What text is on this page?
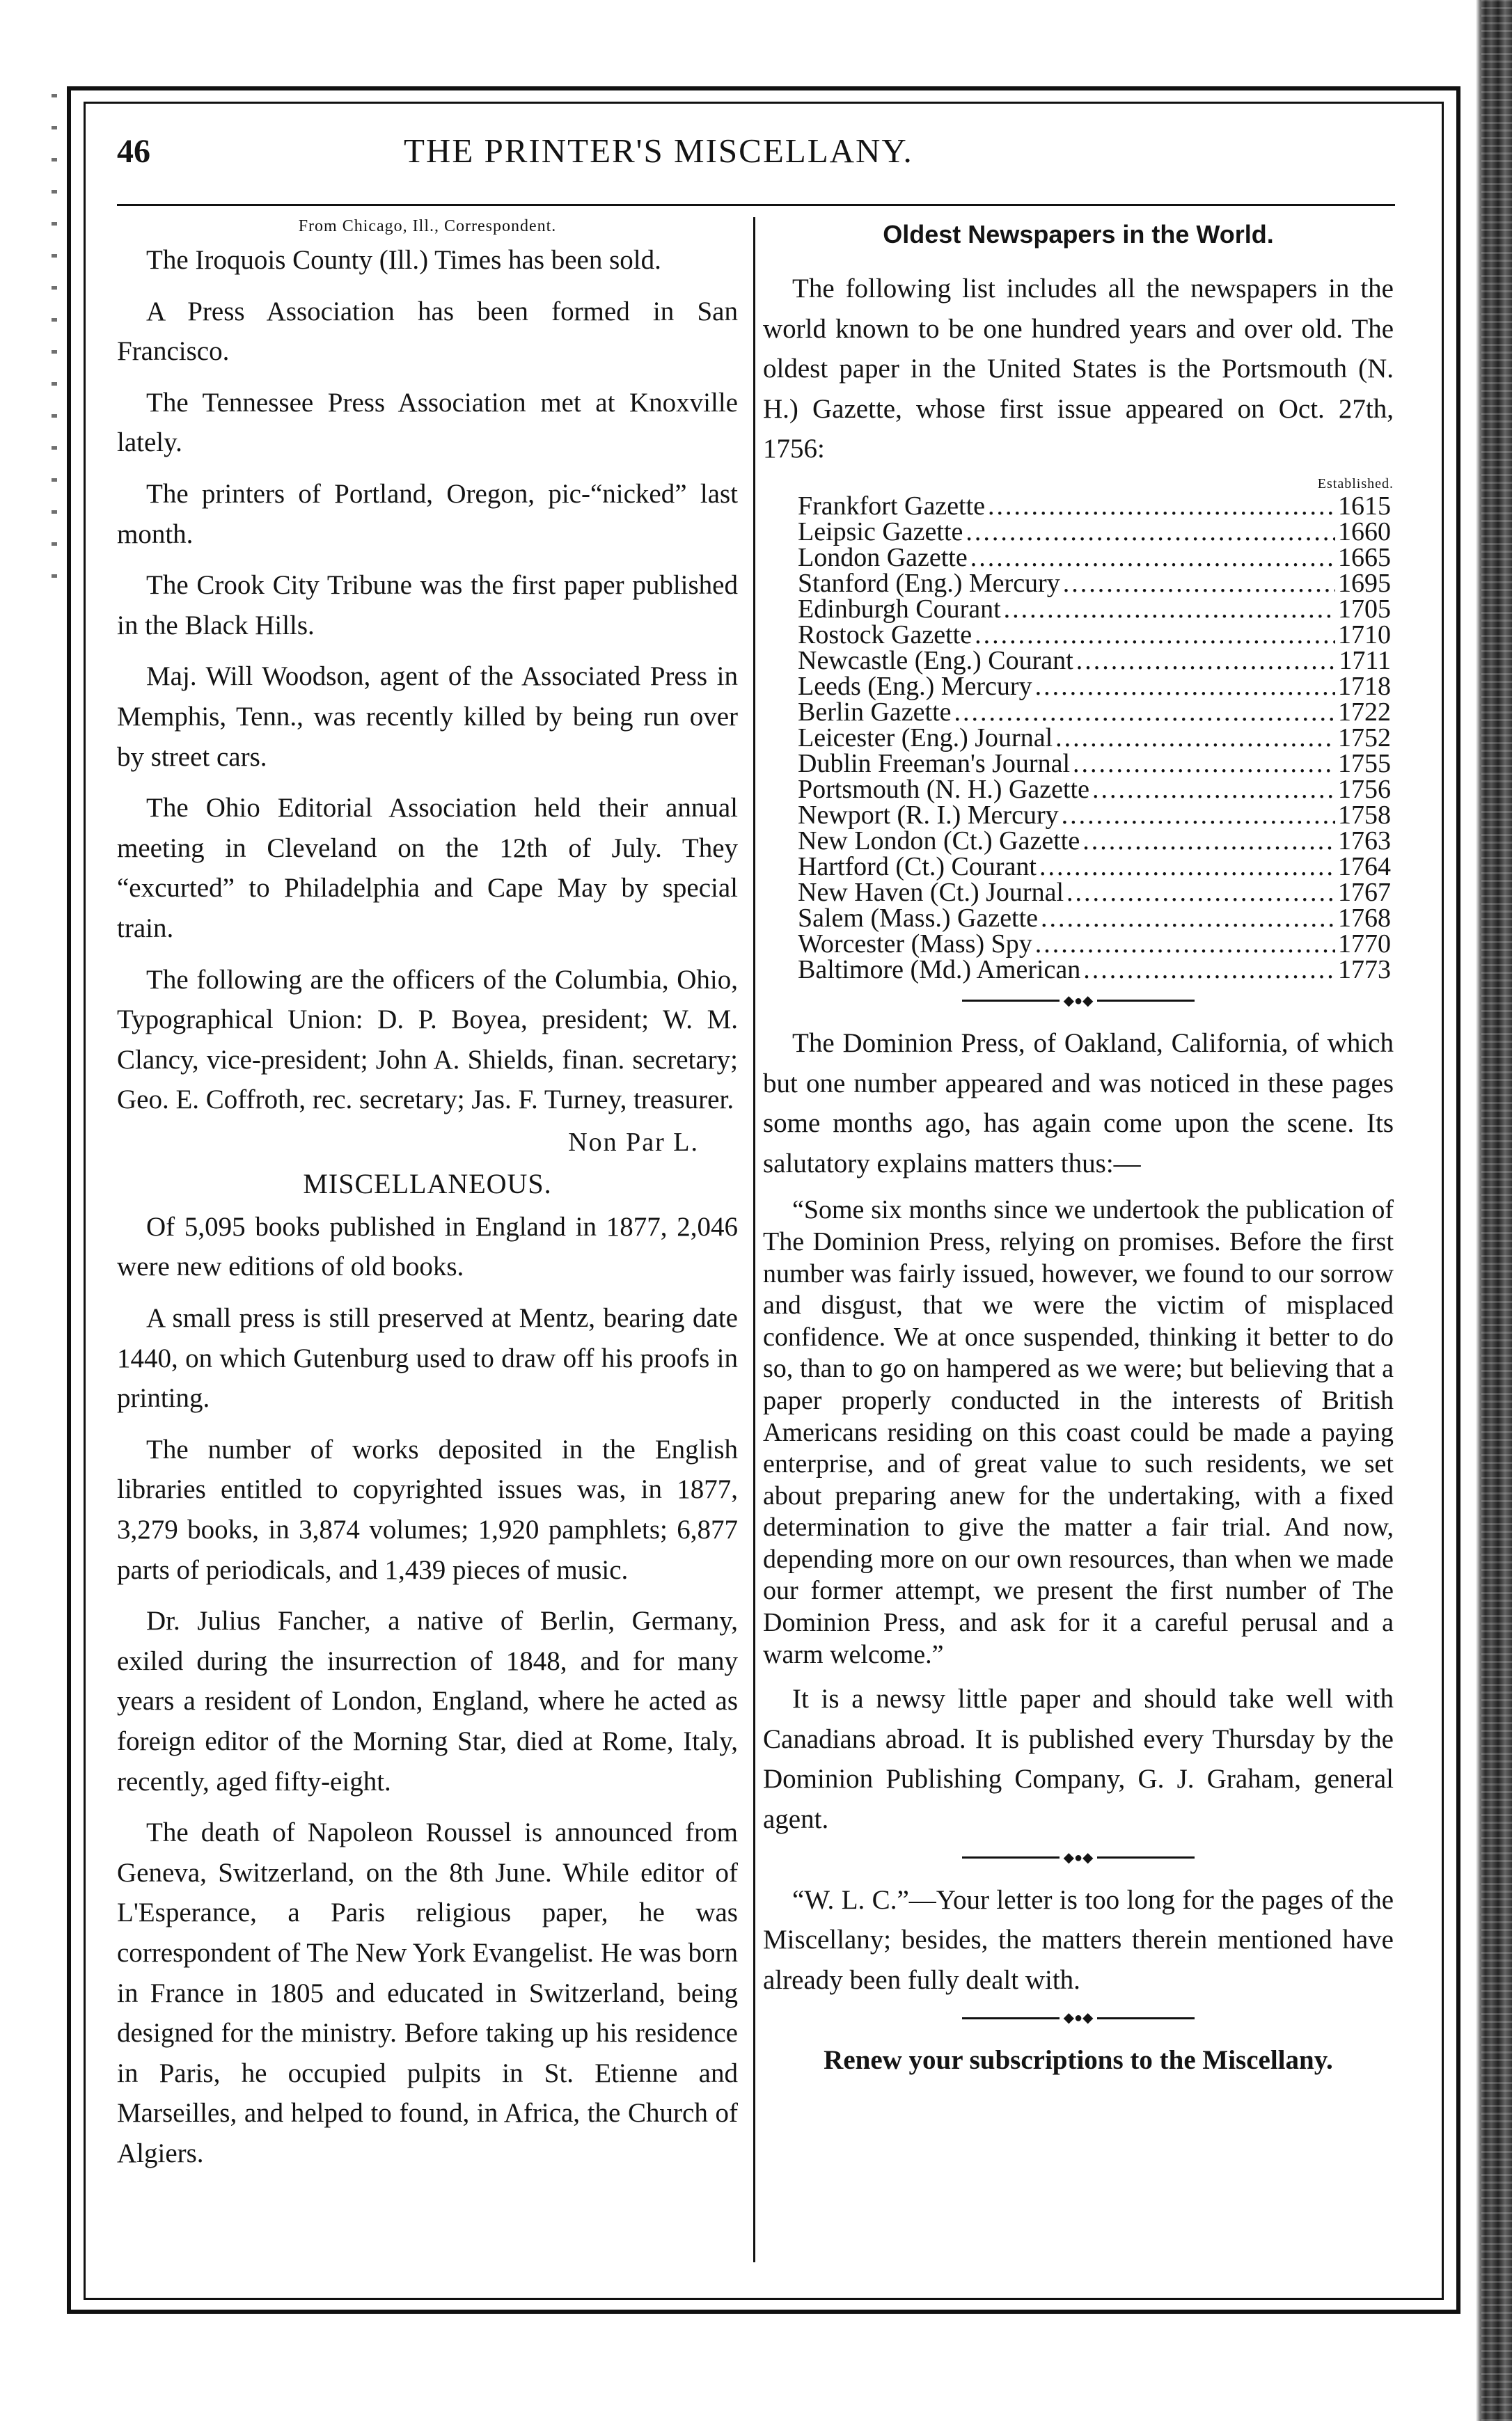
46	THE PRINTER'S MISCELLANY.

From Chicago, Ill., Correspondent.

The Iroquois County (Ill.) Times has been sold.

A Press Association has been formed in San Francisco.

The Tennessee Press Association met at Knoxville lately.

The printers of Portland, Oregon, pic-“nicked” last month.

The Crook City Tribune was the first paper published in the Black Hills.

Maj. Will Woodson, agent of the Associated Press in Memphis, Tenn., was recently killed by being run over by street cars.

The Ohio Editorial Association held their annual meeting in Cleveland on the 12th of July. They “excurted” to Philadelphia and Cape May by special train.

The following are the officers of the Columbia, Ohio, Typographical Union: D. P. Boyea, president; W. M. Clancy, vice-president; John A. Shields, finan. secretary; Geo. E. Coffroth, rec. secretary; Jas. F. Turney, treasurer.

Non Par L.

MISCELLANEOUS.

Of 5,095 books published in England in 1877, 2,046 were new editions of old books.

A small press is still preserved at Mentz, bearing date 1440, on which Gutenburg used to draw off his proofs in printing.

The number of works deposited in the English libraries entitled to copyrighted issues was, in 1877, 3,279 books, in 3,874 volumes; 1,920 pamphlets; 6,877 parts of periodicals, and 1,439 pieces of music.

Dr. Julius Fancher, a native of Berlin, Germany, exiled during the insurrection of 1848, and for many years a resident of London, England, where he acted as foreign editor of the Morning Star, died at Rome, Italy, recently, aged fifty-eight.

The death of Napoleon Roussel is announced from Geneva, Switzerland, on the 8th June. While editor of L'Esperance, a Paris religious paper, he was correspondent of The New York Evangelist. He was born in France in 1805 and educated in Switzerland, being designed for the ministry. Before taking up his residence in Paris, he occupied pulpits in St. Etienne and Marseilles, and helped to found, in Africa, the Church of Algiers.

Oldest Newspapers in the World.

The following list includes all the newspapers in the world known to be one hundred years and over old. The oldest paper in the United States is the Portsmouth (N. H.) Gazette, whose first issue appeared on Oct. 27th, 1756:

Established.

Frankfort Gazette .....	1615
Leipsic Gazette .....	1660
London Gazette .....	1665
Stanford (Eng.) Mercury .....	1695
Edinburgh Courant .....	1705
Rostock Gazette .....	1710
Newcastle (Eng.) Courant .....	1711
Leeds (Eng.) Mercury .....	1718
Berlin Gazette .....	1722
Leicester (Eng.) Journal .....	1752
Dublin Freeman's Journal .....	1755
Portsmouth (N. H.) Gazette .....	1756
Newport (R. I.) Mercury .....	1758
New London (Ct.) Gazette .....	1763
Hartford (Ct.) Courant .....	1764
New Haven (Ct.) Journal .....	1767
Salem (Mass.) Gazette .....	1768
Worcester (Mass) Spy .....	1770
Baltimore (Md.) American .....	1773
◆●◆

The Dominion Press, of Oakland, California, of which but one number appeared and was noticed in these pages some months ago, has again come upon the scene. Its salutatory explains matters thus:—

“Some six months since we undertook the publication of The Dominion Press, relying on promises. Before the first number was fairly issued, however, we found to our sorrow and disgust, that we were the victim of misplaced confidence. We at once suspended, thinking it better to do so, than to go on hampered as we were; but believing that a paper properly conducted in the interests of British Americans residing on this coast could be made a paying enterprise, and of great value to such residents, we set about preparing anew for the undertaking, with a fixed determination to give the matter a fair trial. And now, depending more on our own resources, than when we made our former attempt, we present the first number of The Dominion Press, and ask for it a careful perusal and a warm welcome.”

It is a newsy little paper and should take well with Canadians abroad. It is published every Thursday by the Dominion Publishing Company, G. J. Graham, general agent.

◆●◆

“W. L. C.”—Your letter is too long for the pages of the Miscellany; besides, the matters therein mentioned have already been fully dealt with.

◆●◆

Renew your subscriptions to the Miscellany.
